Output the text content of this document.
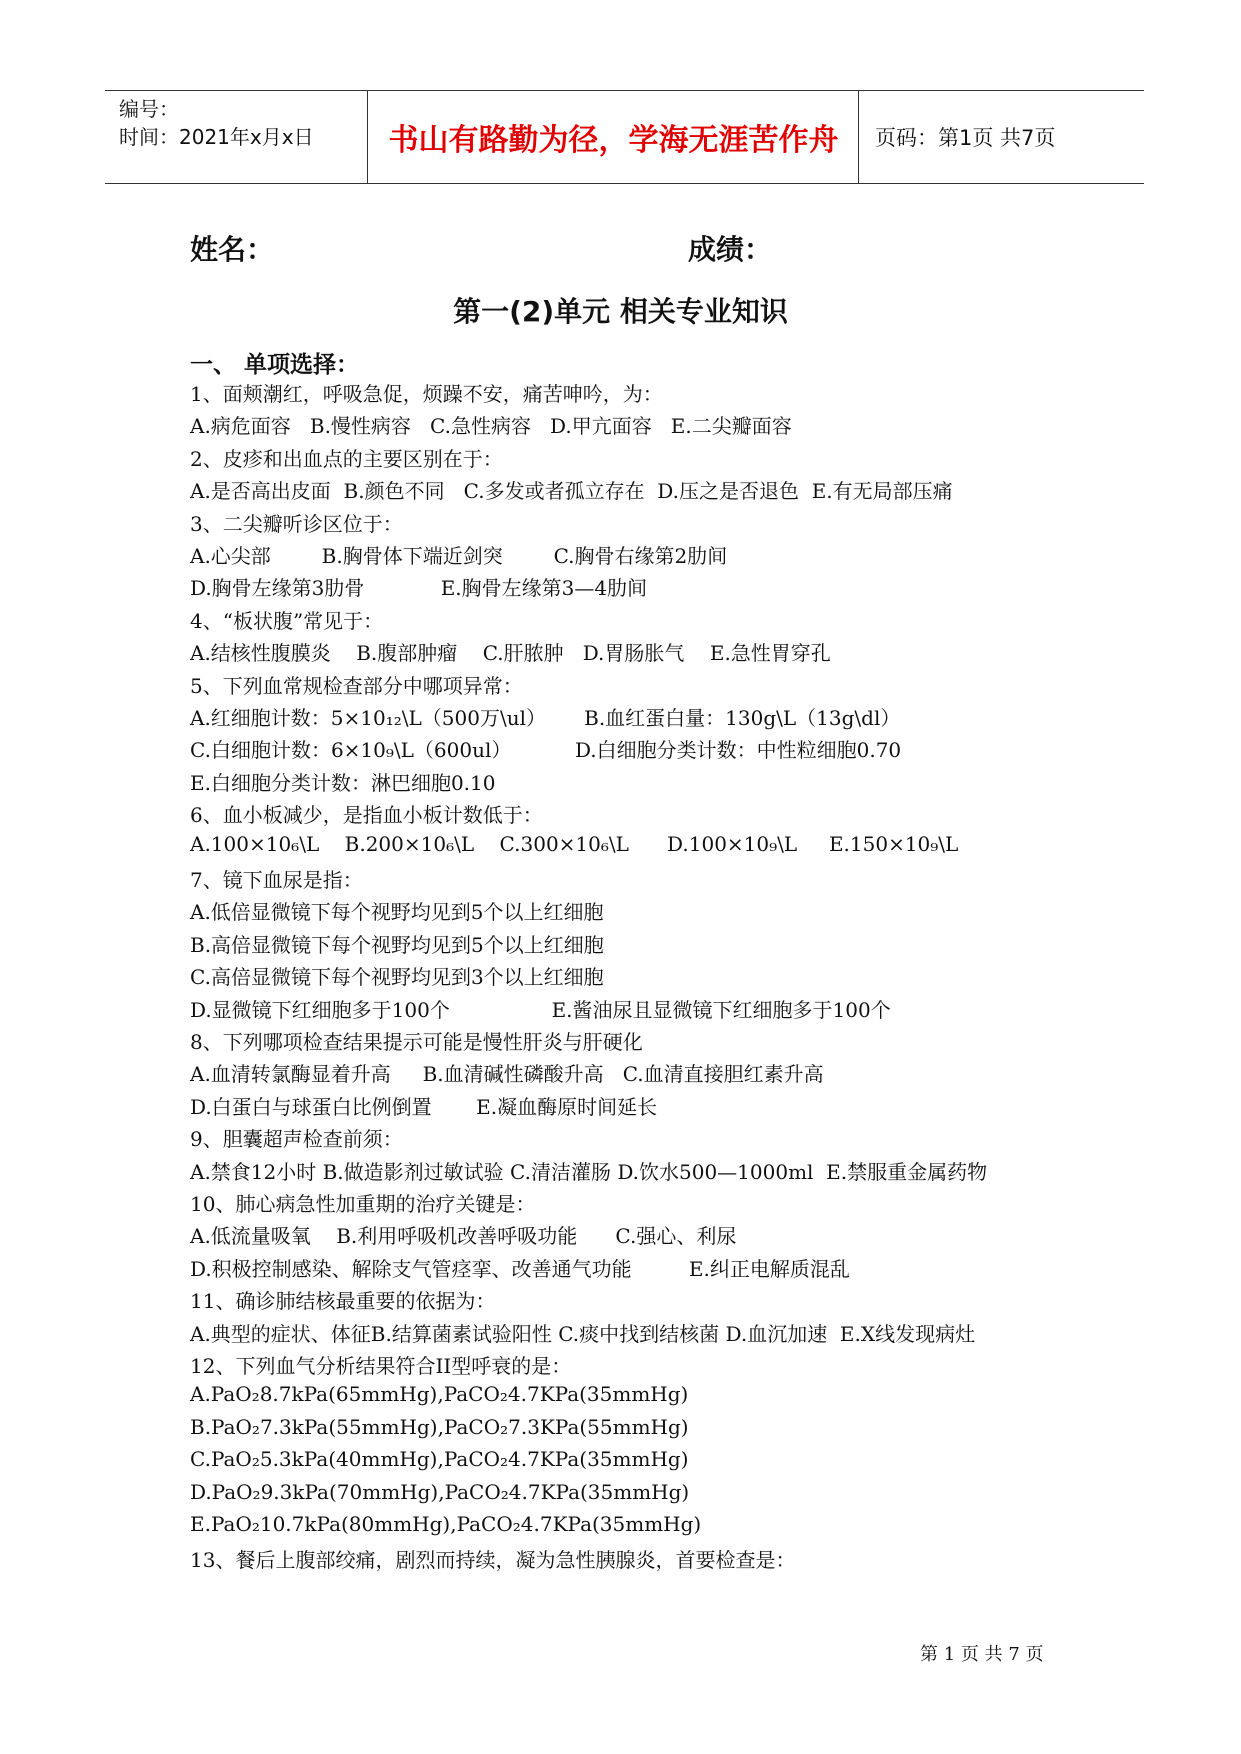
编号：
时间：2021年x月x日	书山有路勤为径，学海无涯苦作舟	页码：第1页 共7页
姓名：	成绩：
第一(2)单元 相关专业知识
一、 单项选择：
1、面颊潮红，呼吸急促，烦躁不安，痛苦呻吟，为：
A.病危面容   B.慢性病容   C.急性病容   D.甲亢面容   E.二尖瓣面容
2、皮疹和出血点的主要区别在于：
A.是否高出皮面  B.颜色不同   C.多发或者孤立存在  D.压之是否退色  E.有无局部压痛
3、二尖瓣听诊区位于：
A.心尖部        B.胸骨体下端近剑突        C.胸骨右缘第2肋间
D.胸骨左缘第3肋骨            E.胸骨左缘第3—4肋间
4、“板状腹”常见于：
A.结核性腹膜炎    B.腹部肿瘤    C.肝脓肿   D.胃肠胀气    E.急性胃穿孔
5、下列血常规检查部分中哪项异常：
A.红细胞计数：5×10₁₂\L（500万\ul）      B.血红蛋白量：130g\L（13g\dl）
C.白细胞计数：6×10₉\L（600ul）          D.白细胞分类计数：中性粒细胞0.70
E.白细胞分类计数：淋巴细胞0.10
6、血小板减少，是指血小板计数低于：
A.100×10₆\L    B.200×10₆\L    C.300×10₆\L      D.100×10₉\L     E.150×10₉\L
7、镜下血尿是指：
A.低倍显微镜下每个视野均见到5个以上红细胞
B.高倍显微镜下每个视野均见到5个以上红细胞
C.高倍显微镜下每个视野均见到3个以上红细胞
D.显微镜下红细胞多于100个                E.酱油尿且显微镜下红细胞多于100个
8、下列哪项检查结果提示可能是慢性肝炎与肝硬化
A.血清转氯酶显着升高     B.血清碱性磷酸升高   C.血清直接胆红素升高
D.白蛋白与球蛋白比例倒置       E.凝血酶原时间延长
9、胆囊超声检查前须：
A.禁食12小时 B.做造影剂过敏试验 C.清洁灌肠 D.饮水500—1000ml  E.禁服重金属药物
10、肺心病急性加重期的治疗关键是：
A.低流量吸氧    B.利用呼吸机改善呼吸功能      C.强心、利尿
D.积极控制感染、解除支气管痉挛、改善通气功能         E.纠正电解质混乱
11、确诊肺结核最重要的依据为：
A.典型的症状、体征B.结算菌素试验阳性 C.痰中找到结核菌 D.血沉加速  E.X线发现病灶
12、下列血气分析结果符合II型呼衰的是：
A.PaO₂8.7kPa(65mmHg),PaCO₂4.7KPa(35mmHg)
B.PaO₂7.3kPa(55mmHg),PaCO₂7.3KPa(55mmHg)
C.PaO₂5.3kPa(40mmHg),PaCO₂4.7KPa(35mmHg)
D.PaO₂9.3kPa(70mmHg),PaCO₂4.7KPa(35mmHg)
E.PaO₂10.7kPa(80mmHg),PaCO₂4.7KPa(35mmHg)
13、餐后上腹部绞痛，剧烈而持续，凝为急性胰腺炎，首要检查是：
第 1 页 共 7 页
